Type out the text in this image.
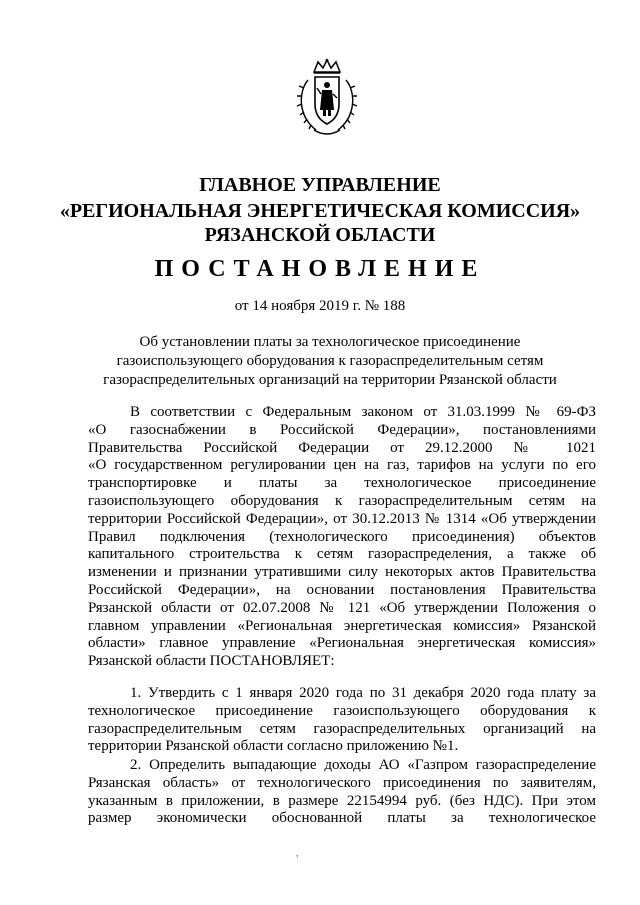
ГЛАВНОЕ УПРАВЛЕНИЕ
«РЕГИОНАЛЬНАЯ ЭНЕРГЕТИЧЕСКАЯ КОМИССИЯ»
РЯЗАНСКОЙ ОБЛАСТИ
ПОСТАНОВЛЕНИЕ
от 14 ноября 2019 г. № 188
Об установлении платы за технологическое присоединение
газоиспользующего оборудования к газораспределительным сетям
газораспределительных организаций на территории Рязанской области
В соответствии с Федеральным законом от 31.03.1999 № 69-ФЗ
«О газоснабжении в Российской Федерации», постановлениями
Правительства Российской Федерации от 29.12.2000 № 1021
«О государственном регулировании цен на газ, тарифов на услуги по его
транспортировке и платы за технологическое присоединение
газоиспользующего оборудования к газораспределительным сетям на
территории Российской Федерации», от 30.12.2013 № 1314 «Об утверждении
Правил подключения (технологического присоединения) объектов
капитального строительства к сетям газораспределения, а также об
изменении и признании утратившими силу некоторых актов Правительства
Российской Федерации», на основании постановления Правительства
Рязанской области от 02.07.2008 № 121 «Об утверждении Положения о
главном управлении «Региональная энергетическая комиссия» Рязанской
области» главное управление «Региональная энергетическая комиссия»
Рязанской области ПОСТАНОВЛЯЕТ:
1. Утвердить с 1 января 2020 года по 31 декабря 2020 года плату за
технологическое присоединение газоиспользующего оборудования к
газораспределительным сетям газораспределительных организаций на
территории Рязанской области согласно приложению №1.
2. Определить выпадающие доходы АО «Газпром газораспределение
Рязанская область» от технологического присоединения по заявителям,
указанным в приложении, в размере 22154994 руб. (без НДС). При этом
размер экономически обоснованной платы за технологическое
,
